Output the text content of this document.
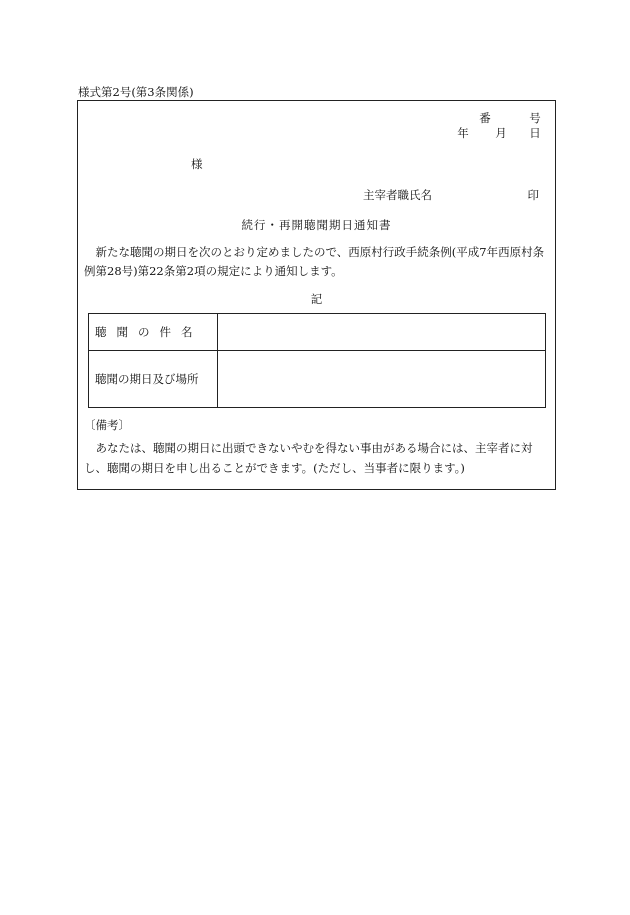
様式第2号(第3条関係)
番	号
年 月 日
様
主宰者職氏名	印
続行・再開聴聞期日通知書
新たな聴聞の期日を次のとおり定めましたので、西原村行政手続条例(平成7年西原村条例第28号)第22条第2項の規定により通知します。
記
聴聞の件名	
聴聞の期日及び場所	
〔備考〕
あなたは、聴聞の期日に出頭できないやむを得ない事由がある場合には、主宰者に対し、聴聞の期日を申し出ることができます。(ただし、当事者に限ります。)
